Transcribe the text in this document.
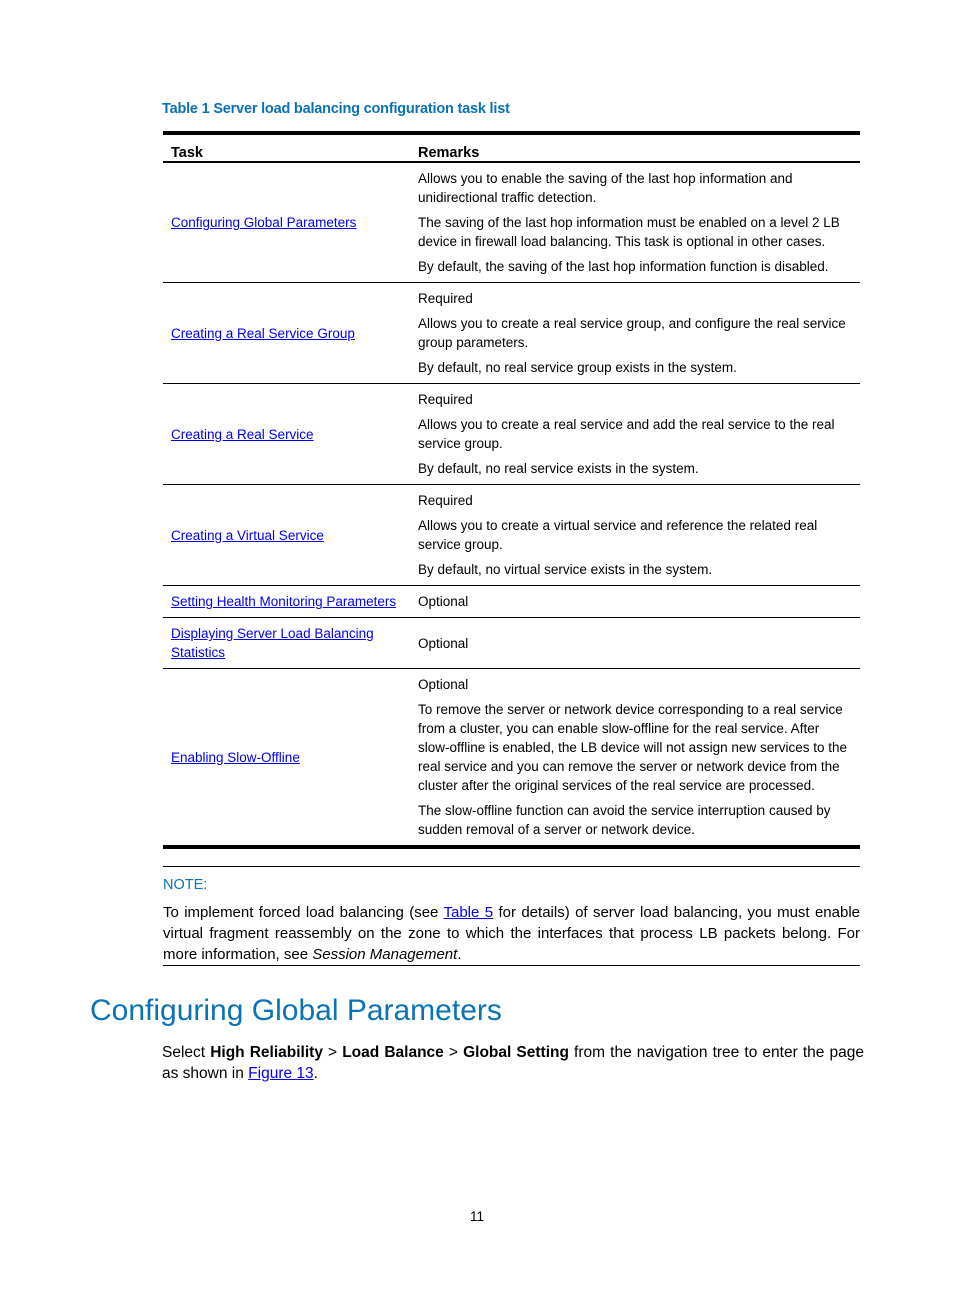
Table 1 Server load balancing configuration task list
Task	Remarks
Configuring Global Parameters	Allows you to enable the saving of the last hop information and unidirectional traffic detection.

The saving of the last hop information must be enabled on a level 2 LB device in firewall load balancing. This task is optional in other cases.

By default, the saving of the last hop information function is disabled.

Creating a Real Service Group	Required

Allows you to create a real service group, and configure the real service group parameters.

By default, no real service group exists in the system.

Creating a Real Service	Required

Allows you to create a real service and add the real service to the real service group.

By default, no real service exists in the system.

Creating a Virtual Service	Required

Allows you to create a virtual service and reference the related real service group.

By default, no virtual service exists in the system.

Setting Health Monitoring Parameters	Optional

Displaying Server Load Balancing Statistics	Optional

Enabling Slow-Offline	Optional

To remove the server or network device corresponding to a real service from a cluster, you can enable slow-offline for the real service. After slow-offline is enabled, the LB device will not assign new services to the real service and you can remove the server or network device from the cluster after the original services of the real service are processed.

The slow-offline function can avoid the service interruption caused by sudden removal of a server or network device.

NOTE:
To implement forced load balancing (see Table 5 for details) of server load balancing, you must enable virtual fragment reassembly on the zone to which the interfaces that process LB packets belong. For more information, see Session Management.
Configuring Global Parameters
Select High Reliability > Load Balance > Global Setting from the navigation tree to enter the page as shown in Figure 13.
11
